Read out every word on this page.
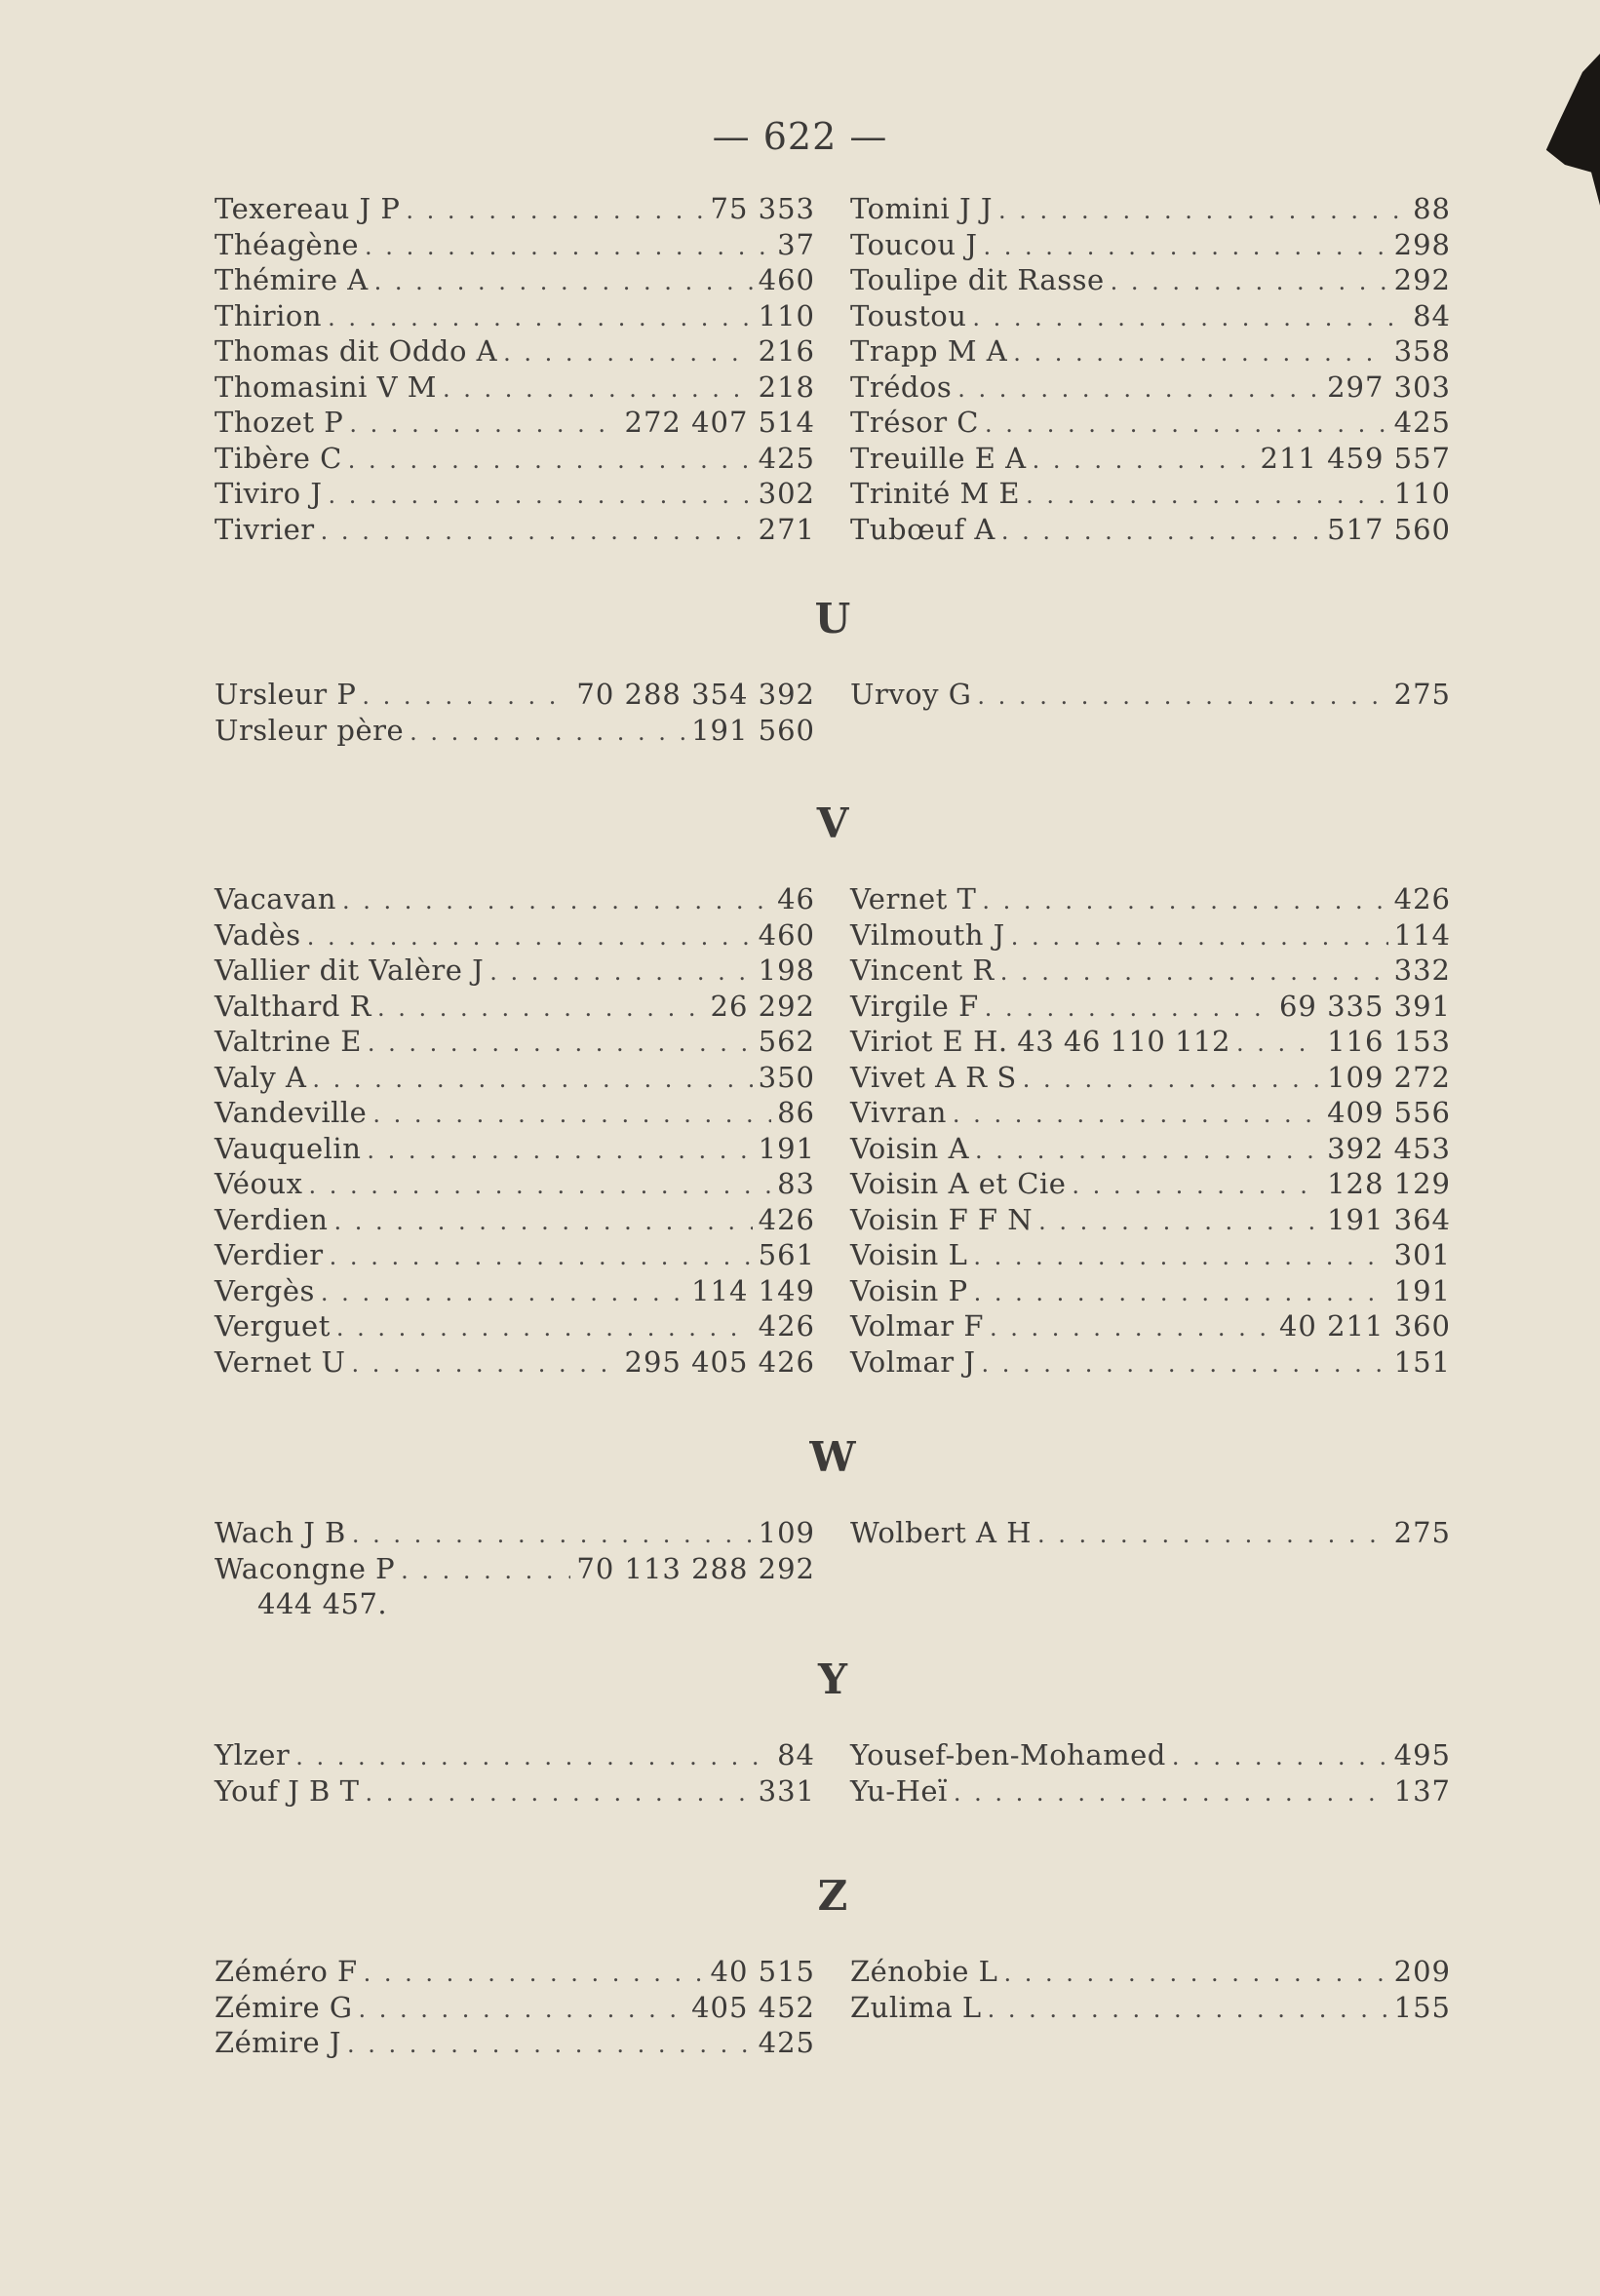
— 622 —
Texereau J P . . .	75 353
Théagène . . .	37
Thémire A . . .	460
Thirion . . .	110
Thomas dit Oddo A . . .	216
Thomasini V M . . .	218
Thozet P . . .	272 407 514
Tibère C . . .	425
Tiviro J . . .	302
Tivrier . . .	271
Tomini J J . . .	88
Toucou J . . .	298
Toulipe dit Rasse . . .	292
Toustou . . .	84
Trapp M A . . .	358
Trédos . . .	297 303
Trésor C . . .	425
Treuille E A . . .	211 459 557
Trinité M E . . .	110
Tubœuf A . . .	517 560
U
Ursleur P . . .	70 288 354 392
Ursleur père . . .	191 560
Urvoy G . . .	275
V
Vacavan . . .	46
Vadès . . .	460
Vallier dit Valère J . . .	198
Valthard R . . .	26 292
Valtrine E . . .	562
Valy A . . .	350
Vandeville . . .	86
Vauquelin . . .	191
Véoux . . .	83
Verdien . . .	426
Verdier . . .	561
Vergès . . .	114 149
Verguet . . .	426
Vernet U . . .	295 405 426
Vernet T . . .	426
Vilmouth J . . .	114
Vincent R . . .	332
Virgile F . . .	69 335 391
Viriot E H. 43 46 110 112 . . .	116 153
Vivet A R S . . .	109 272
Vivran . . .	409 556
Voisin A . . .	392 453
Voisin A et Cie . . .	128 129
Voisin F F N . . .	191 364
Voisin L . . .	301
Voisin P . . .	191
Volmar F . . .	40 211 360
Volmar J . . .	151
W
Wach J B . . .	109
Wacongne P . . .	70 113 288 292
444 457.
Wolbert A H . . .	275
Y
Ylzer . . .	84
Youf J B T . . .	331
Yousef-ben-Mohamed . . .	495
Yu-Heï . . .	137
Z
Zéméro F . . .	40 515
Zémire G . . .	405 452
Zémire J . . .	425
Zénobie L . . .	209
Zulima L . . .	155
